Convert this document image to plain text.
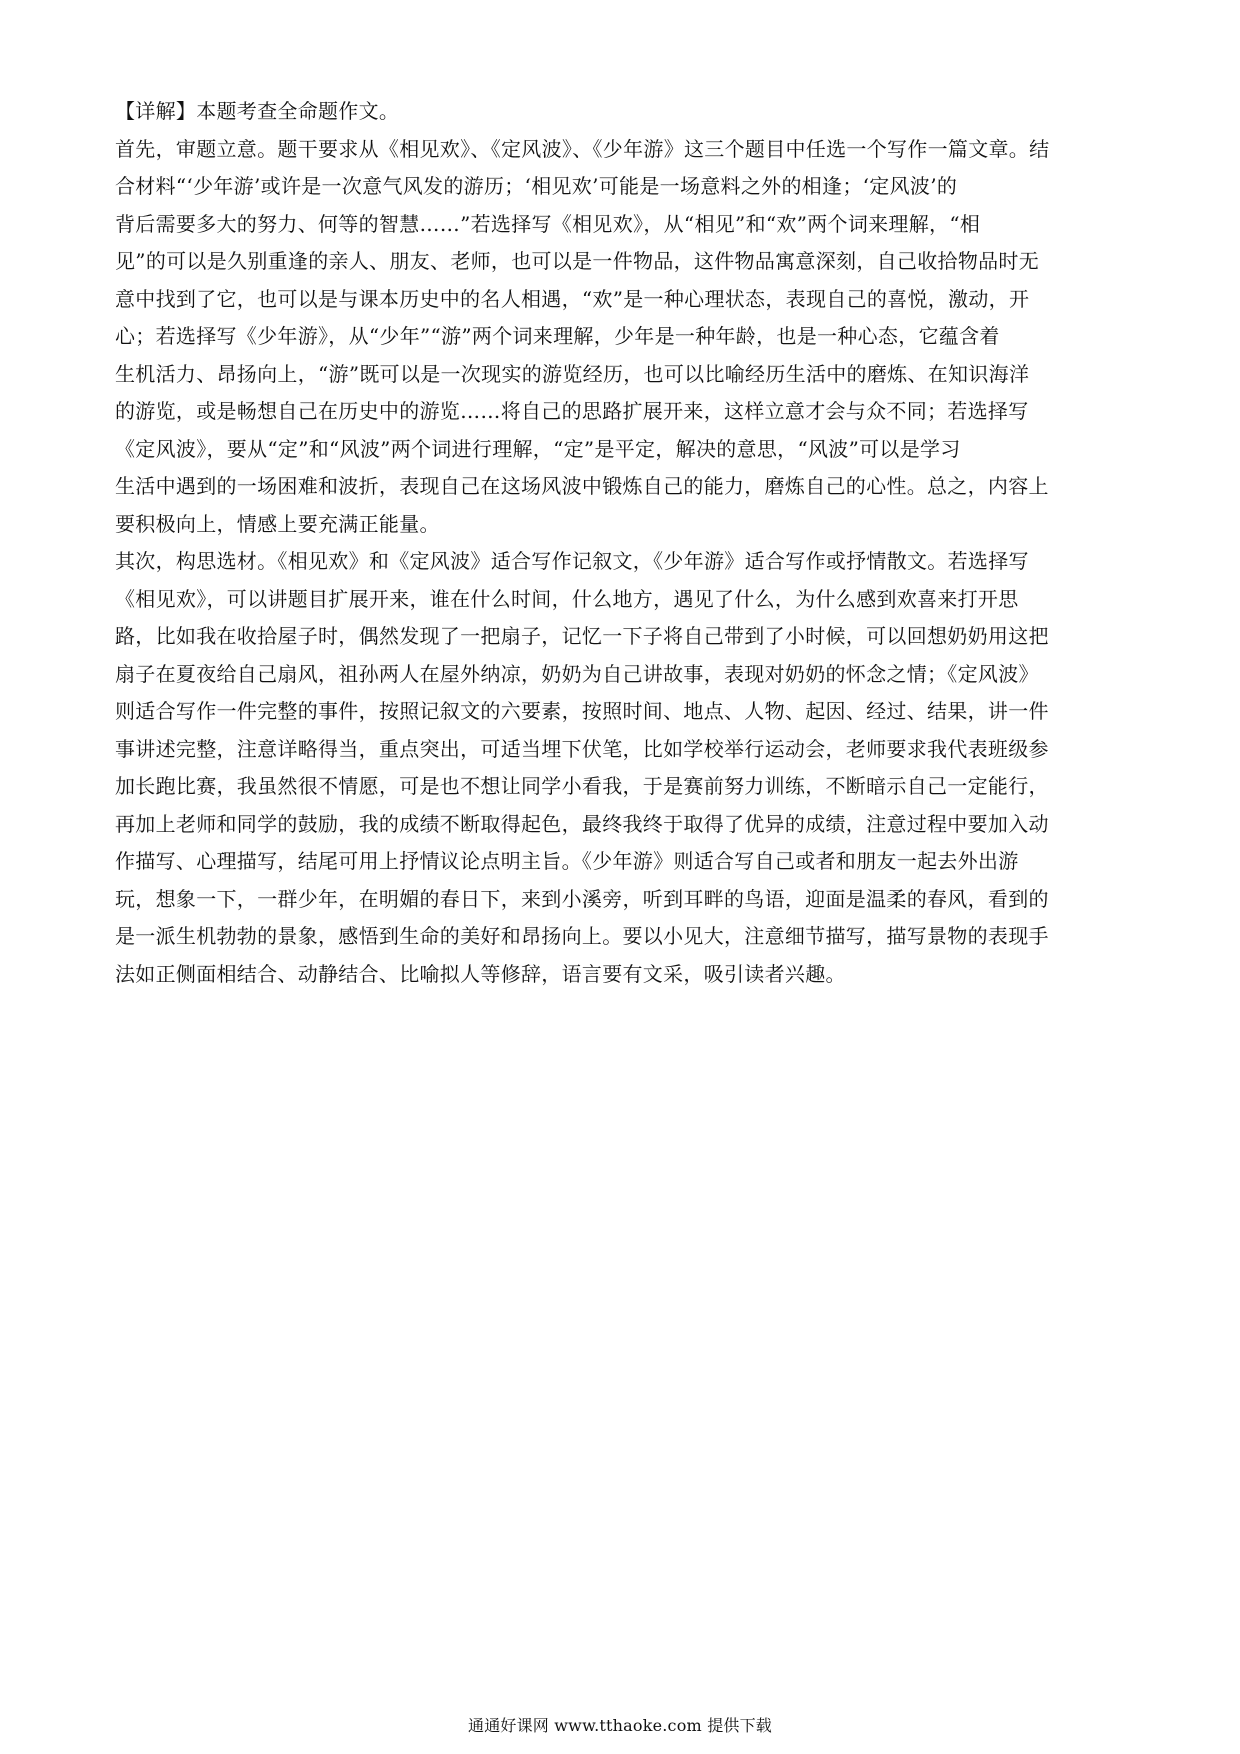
【详解】本题考查全命题作文。
首先，审题立意。题干要求从《相见欢》、《定风波》、《少年游》这三个题目中任选一个写作一篇文章。结
合材料“‘少年游’或许是一次意气风发的游历；‘相见欢’可能是一场意料之外的相逢；‘定风波’的
背后需要多大的努力、何等的智慧……”若选择写《相见欢》，从“相见”和“欢”两个词来理解，“相
见”的可以是久别重逢的亲人、朋友、老师，也可以是一件物品，这件物品寓意深刻，自己收拾物品时无
意中找到了它，也可以是与课本历史中的名人相遇，“欢”是一种心理状态，表现自己的喜悦，激动，开
心；若选择写《少年游》，从“少年”“游”两个词来理解，少年是一种年龄，也是一种心态，它蕴含着
生机活力、昂扬向上，“游”既可以是一次现实的游览经历，也可以比喻经历生活中的磨炼、在知识海洋
的游览，或是畅想自己在历史中的游览……将自己的思路扩展开来，这样立意才会与众不同；若选择写
《定风波》，要从“定”和“风波”两个词进行理解，“定”是平定，解决的意思，“风波”可以是学习
生活中遇到的一场困难和波折，表现自己在这场风波中锻炼自己的能力，磨炼自己的心性。总之，内容上
要积极向上，情感上要充满正能量。
其次，构思选材。《相见欢》和《定风波》适合写作记叙文，《少年游》适合写作或抒情散文。若选择写
《相见欢》，可以讲题目扩展开来，谁在什么时间，什么地方，遇见了什么，为什么感到欢喜来打开思
路，比如我在收拾屋子时，偶然发现了一把扇子，记忆一下子将自己带到了小时候，可以回想奶奶用这把
扇子在夏夜给自己扇风，祖孙两人在屋外纳凉，奶奶为自己讲故事，表现对奶奶的怀念之情；《定风波》
则适合写作一件完整的事件，按照记叙文的六要素，按照时间、地点、人物、起因、经过、结果，讲一件
事讲述完整，注意详略得当，重点突出，可适当埋下伏笔，比如学校举行运动会，老师要求我代表班级参
加长跑比赛，我虽然很不情愿，可是也不想让同学小看我，于是赛前努力训练，不断暗示自己一定能行，
再加上老师和同学的鼓励，我的成绩不断取得起色，最终我终于取得了优异的成绩，注意过程中要加入动
作描写、心理描写，结尾可用上抒情议论点明主旨。《少年游》则适合写自己或者和朋友一起去外出游
玩，想象一下，一群少年，在明媚的春日下，来到小溪旁，听到耳畔的鸟语，迎面是温柔的春风，看到的
是一派生机勃勃的景象，感悟到生命的美好和昂扬向上。要以小见大，注意细节描写，描写景物的表现手
法如正侧面相结合、动静结合、比喻拟人等修辞，语言要有文采，吸引读者兴趣。
通通好课网 www.tthaoke.com 提供下载
